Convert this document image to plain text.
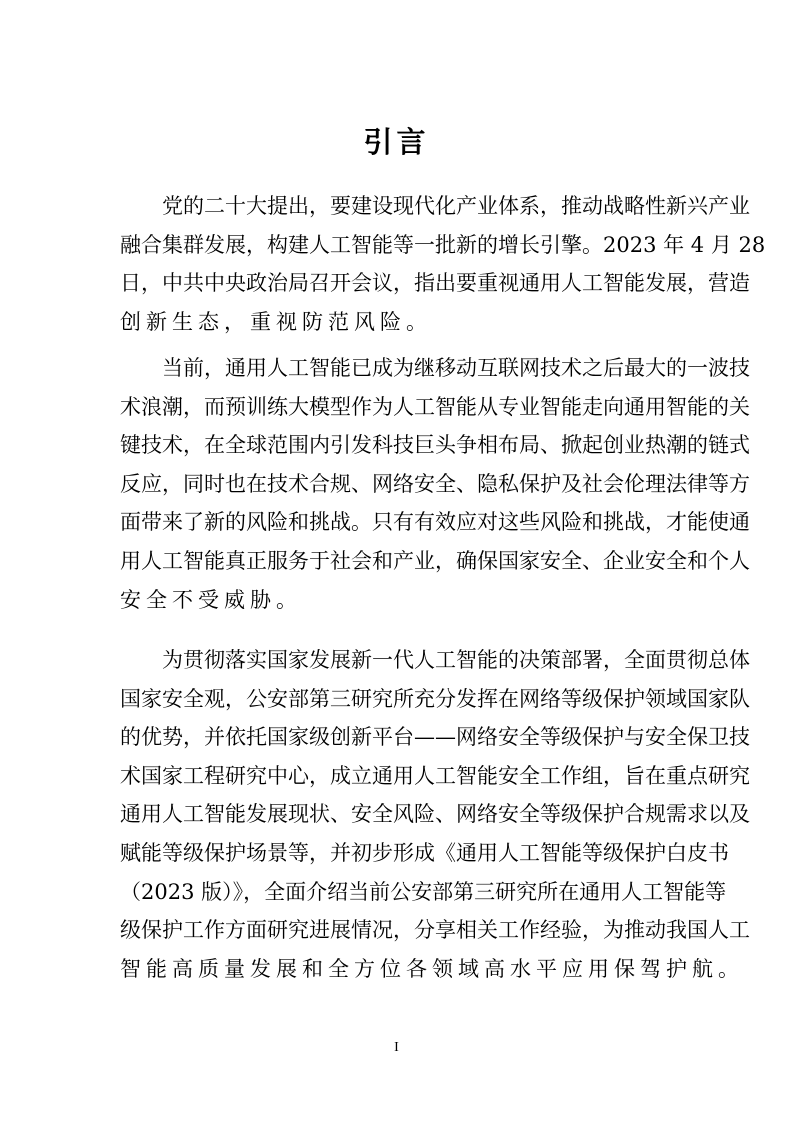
引言
党的二十大提出，要建设现代化产业体系，推动战略性新兴产业
融合集群发展，构建人工智能等一批新的增长引擎。2023 年 4 月 28
日，中共中央政治局召开会议，指出要重视通用人工智能发展，营造
创新生态，重视防范风险。
当前，通用人工智能已成为继移动互联网技术之后最大的一波技
术浪潮，而预训练大模型作为人工智能从专业智能走向通用智能的关
键技术，在全球范围内引发科技巨头争相布局、掀起创业热潮的链式
反应，同时也在技术合规、网络安全、隐私保护及社会伦理法律等方
面带来了新的风险和挑战。只有有效应对这些风险和挑战，才能使通
用人工智能真正服务于社会和产业，确保国家安全、企业安全和个人
安全不受威胁。
为贯彻落实国家发展新一代人工智能的决策部署，全面贯彻总体
国家安全观，公安部第三研究所充分发挥在网络等级保护领域国家队
的优势，并依托国家级创新平台——网络安全等级保护与安全保卫技
术国家工程研究中心，成立通用人工智能安全工作组，旨在重点研究
通用人工智能发展现状、安全风险、网络安全等级保护合规需求以及
赋能等级保护场景等，并初步形成《通用人工智能等级保护白皮书
（2023 版）》，全面介绍当前公安部第三研究所在通用人工智能等
级保护工作方面研究进展情况，分享相关工作经验，为推动我国人工
智能高质量发展和全方位各领域高水平应用保驾护航。
I
